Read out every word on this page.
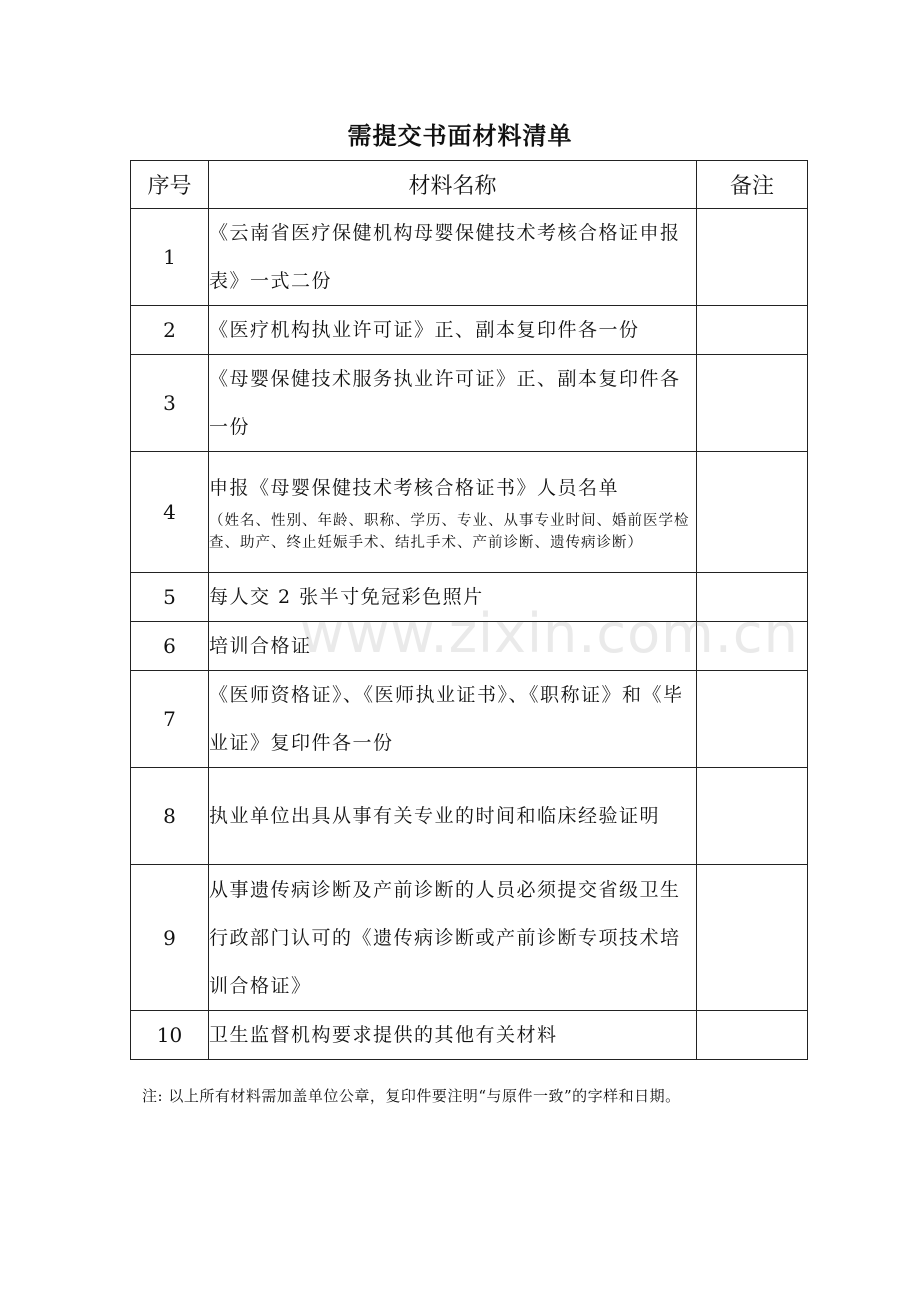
需提交书面材料清单
序号	材料名称	备注
1	《云南省医疗保健机构母婴保健技术考核合格证申报表》一式二份	
2	《医疗机构执业许可证》正、副本复印件各一份	
3	《母婴保健技术服务执业许可证》正、副本复印件各一份	
4	申报《母婴保健技术考核合格证书》人员名单
（姓名、性别、年龄、职称、学历、专业、从事专业时间、婚前医学检查、助产、终止妊娠手术、结扎手术、产前诊断、遗传病诊断）	

5	每人交 2 张半寸免冠彩色照片	
6	培训合格证	
7	《医师资格证》、《医师执业证书》、《职称证》和《毕业证》复印件各一份	
8	执业单位出具从事有关专业的时间和临床经验证明	
9	从事遗传病诊断及产前诊断的人员必须提交省级卫生行政部门认可的《遗传病诊断或产前诊断专项技术培训合格证》	
10	卫生监督机构要求提供的其他有关材料	
www.zixin.com.cn
注: 以上所有材料需加盖单位公章，复印件要注明“与原件一致”的字样和日期。
